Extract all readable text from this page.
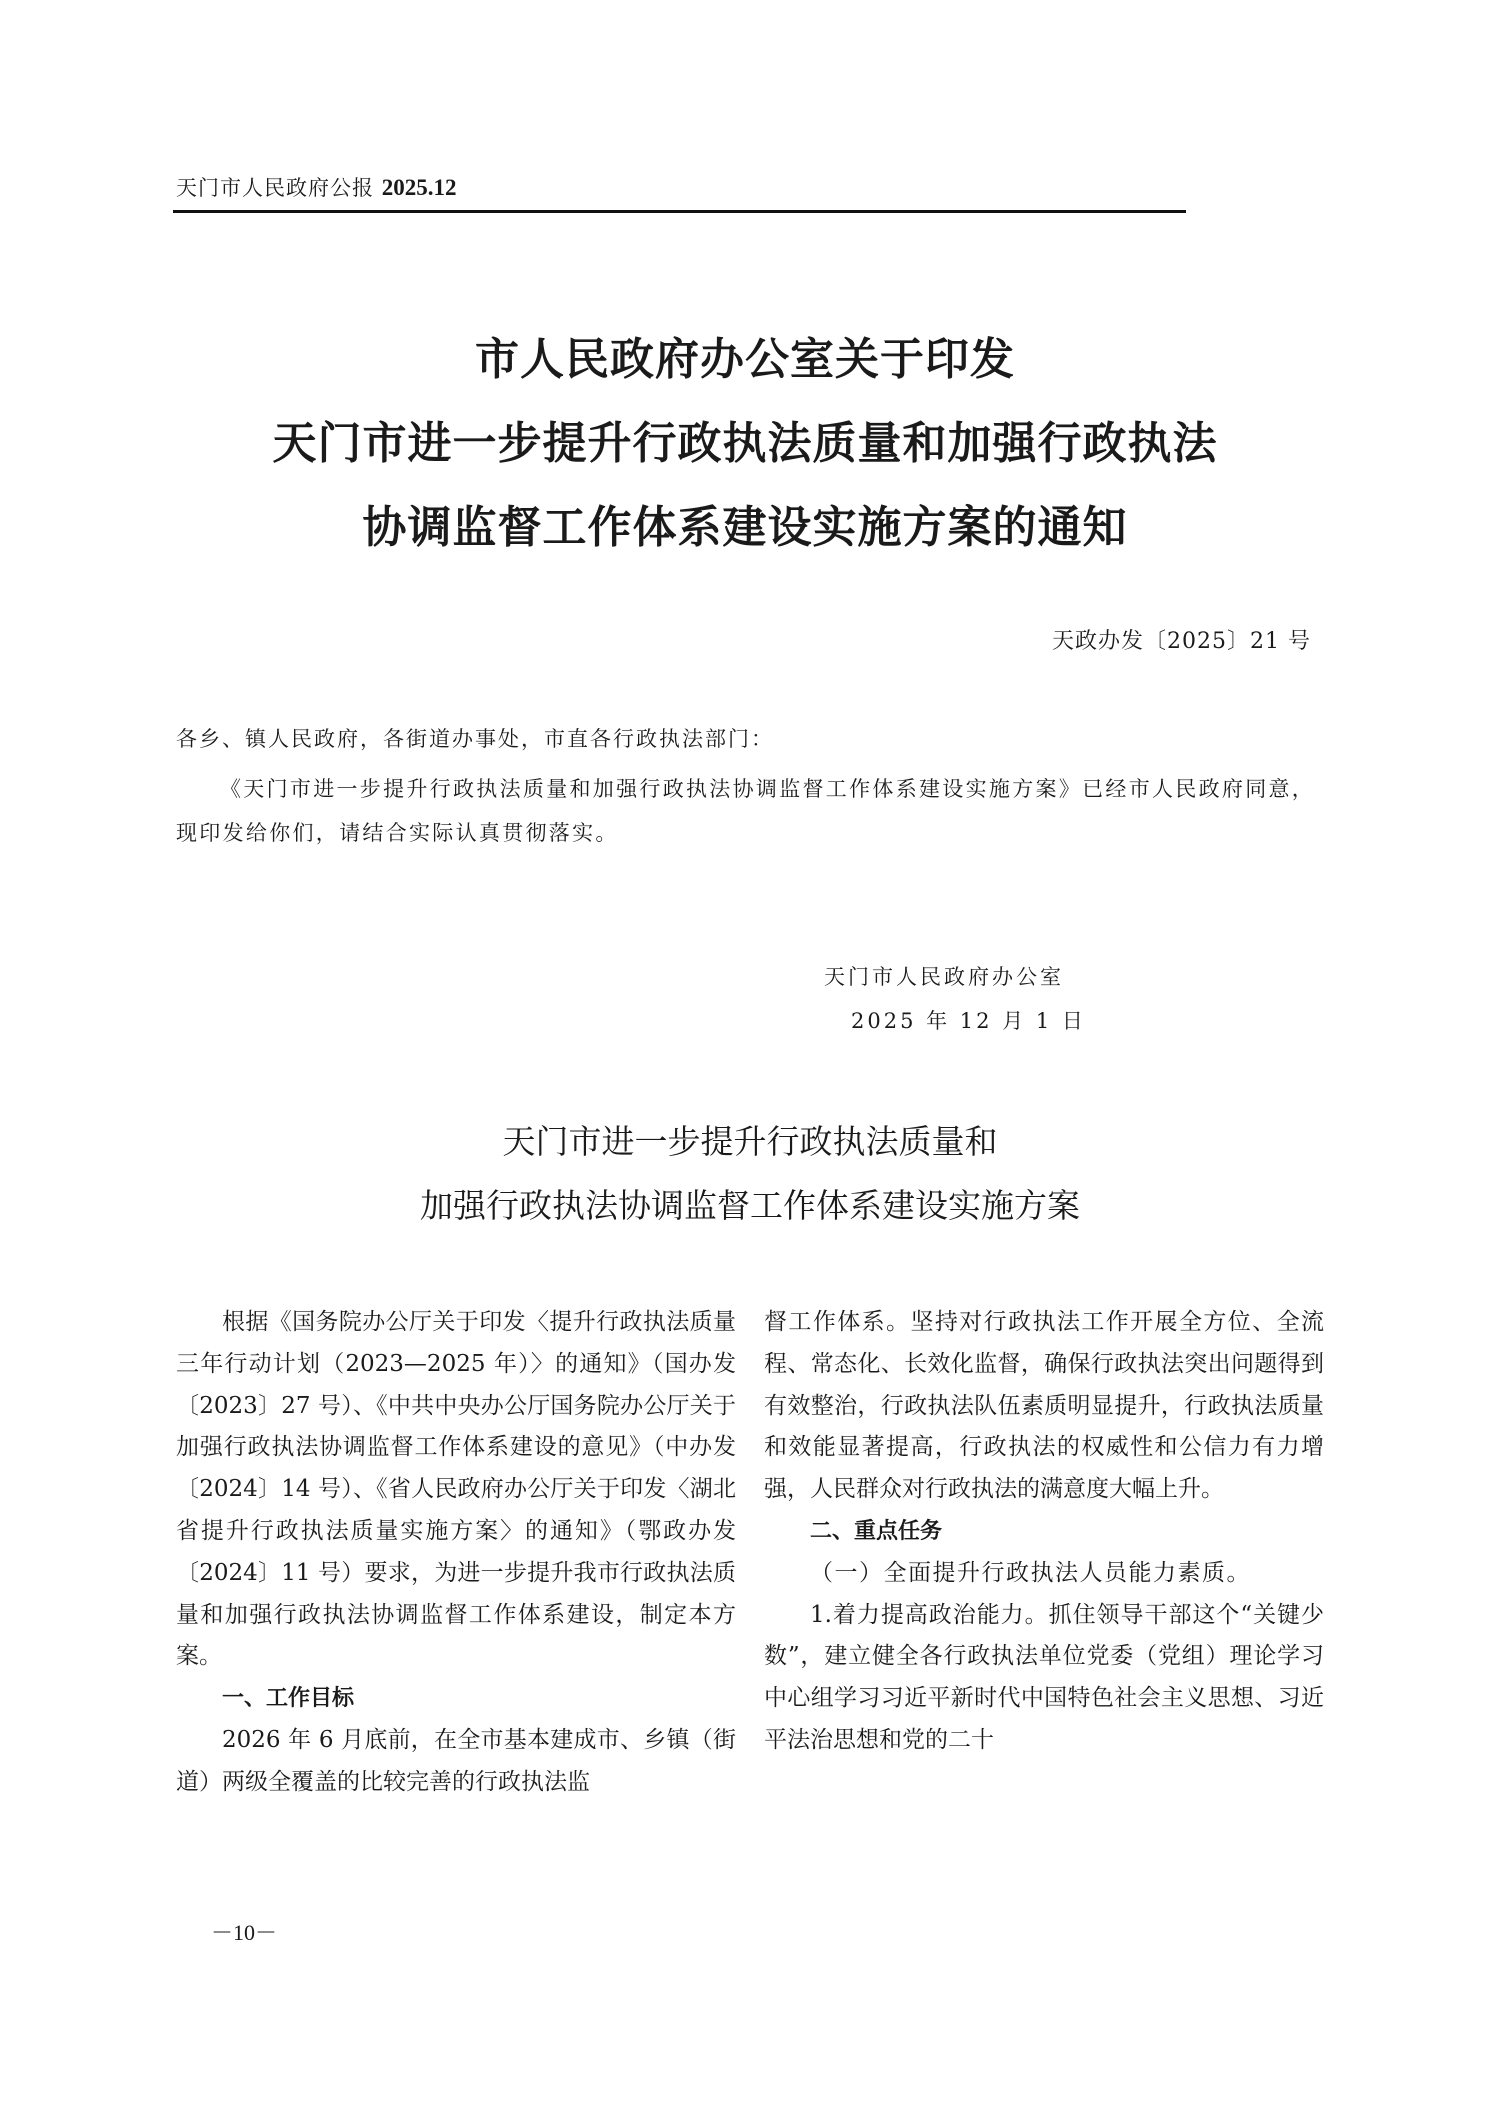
天门市人民政府公报 2025.12
市人民政府办公室关于印发
天门市进一步提升行政执法质量和加强行政执法
协调监督工作体系建设实施方案的通知
天政办发〔2025〕21 号
各乡、镇人民政府，各街道办事处，市直各行政执法部门：
《天门市进一步提升行政执法质量和加强行政执法协调监督工作体系建设实施方案》已经市人民政府同意，现印发给你们，请结合实际认真贯彻落实。
天门市人民政府办公室
2025 年 12 月 1 日
天门市进一步提升行政执法质量和
加强行政执法协调监督工作体系建设实施方案

根据《国务院办公厅关于印发〈提升行政执法质量三年行动计划（2023—2025 年）〉的通知》（国办发〔2023〕27 号）、《中共中央办公厅国务院办公厅关于加强行政执法协调监督工作体系建设的意见》（中办发〔2024〕14 号）、《省人民政府办公厅关于印发〈湖北省提升行政执法质量实施方案〉的通知》（鄂政办发〔2024〕11 号）要求，为进一步提升我市行政执法质量和加强行政执法协调监督工作体系建设，制定本方案。

一、工作目标

2026 年 6 月底前，在全市基本建成市、乡镇（街道）两级全覆盖的比较完善的行政执法监

督工作体系。坚持对行政执法工作开展全方位、全流程、常态化、长效化监督，确保行政执法突出问题得到有效整治，行政执法队伍素质明显提升，行政执法质量和效能显著提高，行政执法的权威性和公信力有力增强，人民群众对行政执法的满意度大幅上升。

二、重点任务

（一）全面提升行政执法人员能力素质。

1.着力提高政治能力。抓住领导干部这个“关键少数”，建立健全各行政执法单位党委（党组）理论学习中心组学习习近平新时代中国特色社会主义思想、习近平法治思想和党的二十

－10－
